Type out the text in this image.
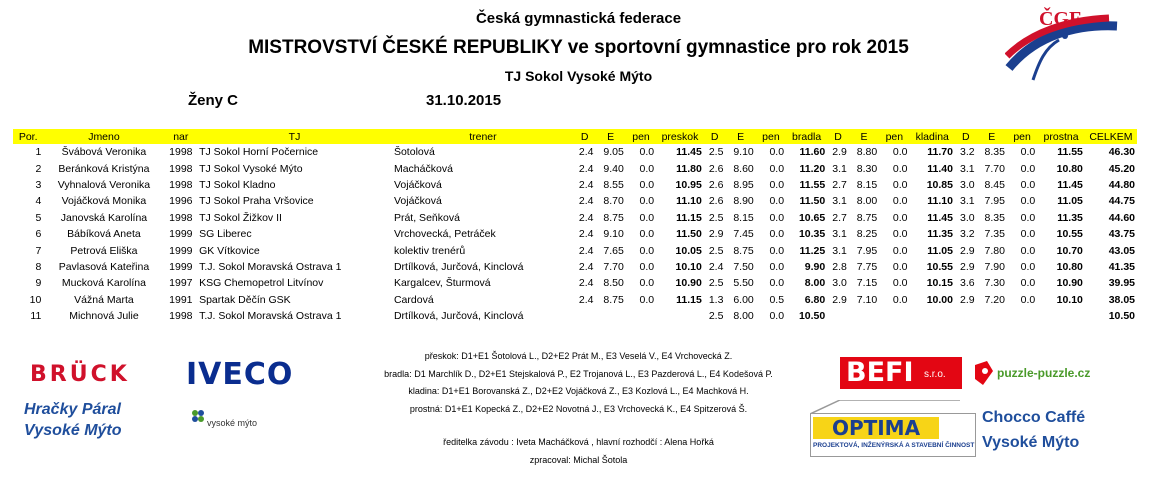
Česká gymnastická federace
MISTROVSTVÍ ČESKÉ REPUBLIKY ve sportovní gymnastice pro rok 2015
TJ Sokol Vysoké Mýto
Ženy C	31.10.2015
ČGF
Por.	Jmeno	nar	TJ	trener	D	E	pen	preskok	D	E	pen	bradla	D	E	pen	kladina	D	E	pen	prostna	CELKEM
1	Švábová Veronika	1998	TJ Sokol Horní Počernice	Šotolová	2.4	9.05	0.0	11.45	2.5	9.10	0.0	11.60	2.9	8.80	0.0	11.70	3.2	8.35	0.0	11.55	46.30
2	Beránková Kristýna	1998	TJ Sokol Vysoké Mýto	Macháčková	2.4	9.40	0.0	11.80	2.6	8.60	0.0	11.20	3.1	8.30	0.0	11.40	3.1	7.70	0.0	10.80	45.20
3	Vyhnalová Veronika	1998	TJ Sokol Kladno	Vojáčková	2.4	8.55	0.0	10.95	2.6	8.95	0.0	11.55	2.7	8.15	0.0	10.85	3.0	8.45	0.0	11.45	44.80
4	Vojáčková Monika	1996	TJ Sokol Praha Vršovice	Vojáčková	2.4	8.70	0.0	11.10	2.6	8.90	0.0	11.50	3.1	8.00	0.0	11.10	3.1	7.95	0.0	11.05	44.75
5	Janovská Karolína	1998	TJ Sokol Žižkov II	Prát, Seňková	2.4	8.75	0.0	11.15	2.5	8.15	0.0	10.65	2.7	8.75	0.0	11.45	3.0	8.35	0.0	11.35	44.60
6	Bábíková Aneta	1999	SG Liberec	Vrchovecká, Petráček	2.4	9.10	0.0	11.50	2.9	7.45	0.0	10.35	3.1	8.25	0.0	11.35	3.2	7.35	0.0	10.55	43.75
7	Petrová Eliška	1999	GK Vítkovice	kolektiv trenérů	2.4	7.65	0.0	10.05	2.5	8.75	0.0	11.25	3.1	7.95	0.0	11.05	2.9	7.80	0.0	10.70	43.05
8	Pavlasová Kateřina	1999	T.J. Sokol Moravská Ostrava 1	Drtílková, Jurčová, Kinclová	2.4	7.70	0.0	10.10	2.4	7.50	0.0	9.90	2.8	7.75	0.0	10.55	2.9	7.90	0.0	10.80	41.35
9	Mucková Karolína	1997	KSG Chemopetrol Litvínov	Kargalcev, Šturmová	2.4	8.50	0.0	10.90	2.5	5.50	0.0	8.00	3.0	7.15	0.0	10.15	3.6	7.30	0.0	10.90	39.95
10	Vážná Marta	1991	Spartak Děčín GSK	Cardová	2.4	8.75	0.0	11.15	1.3	6.00	0.5	6.80	2.9	7.10	0.0	10.00	2.9	7.20	0.0	10.10	38.05
11	Michnová Julie	1998	T.J. Sokol Moravská Ostrava 1	Drtílková, Jurčová, Kinclová					2.5	8.00	0.0	10.50									10.50
přeskok: D1+E1 Šotolová L., D2+E2 Prát M., E3 Veselá V., E4 Vrchovecká Z.
bradla: D1 Marchlík D., D2+E1 Stejskalová P., E2 Trojanová L., E3 Pazderová L., E4 Kodešová P.
kladina: D1+E1 Borovanská Z., D2+E2 Vojáčková Z., E3 Kozlová L., E4 Machková H.
prostná: D1+E1 Kopecká Z., D2+E2 Novotná J., E3 Vrchovecká K., E4 Spitzerová Š.
ředitelka závodu : Iveta Macháčková , hlavní rozhodčí : Alena Hořká
zpracoval: Michal Šotola
BRÜCK IVECO
Hračky Páral
Vysoké Mýto	vysoké mýto
BEFI s.r.o.	puzzle-puzzle.cz
OPTIMA
PROJEKTOVÁ, INŽENÝRSKÁ A STAVEBNÍ ČINNOST
Chocco Caffé
Vysoké Mýto
